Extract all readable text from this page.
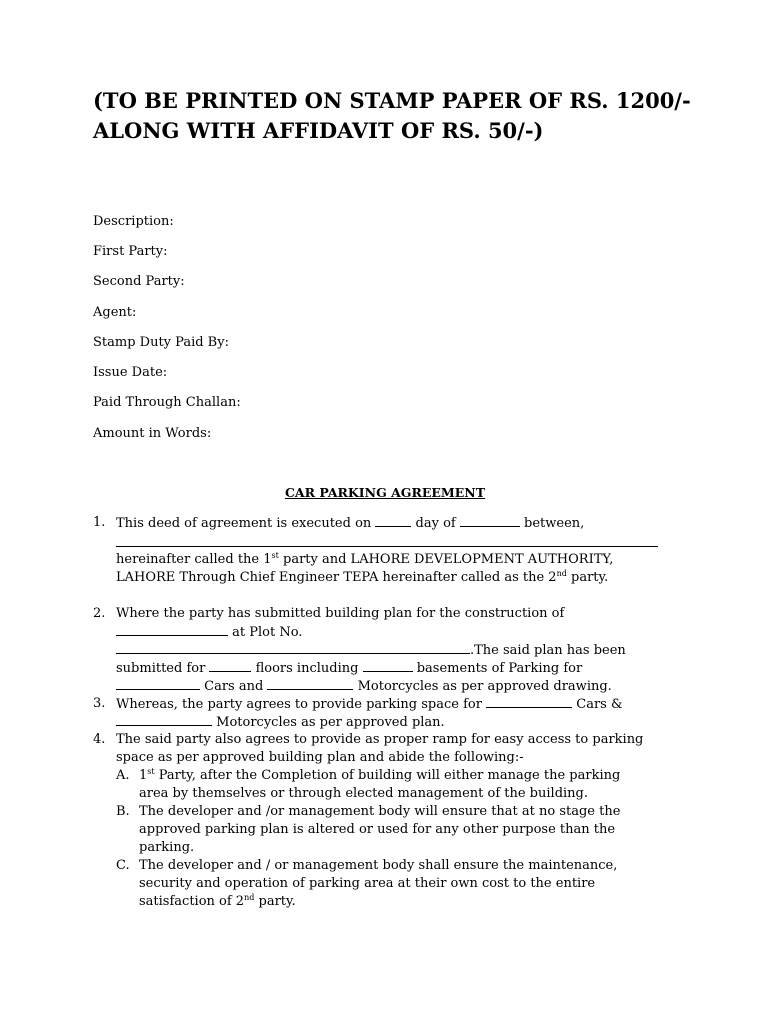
(TO BE PRINTED ON STAMP PAPER OF RS. 1200/-
ALONG WITH AFFIDAVIT OF RS. 50/-)
Description:
First Party:
Second Party:
Agent:
Stamp Duty Paid By:
Issue Date:
Paid Through Challan:
Amount in Words:
CAR PARKING AGREEMENT
1. This deed of agreement is executed on	day of	between,
hereinafter called the 1st party and LAHORE DEVELOPMENT AUTHORITY,
LAHORE Through Chief Engineer TEPA hereinafter called as the 2nd party.
2. Where the party has submitted building plan for the construction of
at Plot No.
.The said plan has been
submitted for	floors including	basements of Parking for
Cars and	Motorcycles as per approved drawing.
3. Whereas, the party agrees to provide parking space for	Cars &
Motorcycles as per approved plan.
4. The said party also agrees to provide as proper ramp for easy access to parking
space as per approved building plan and abide the following:-
A. 1st Party, after the Completion of building will either manage the parking
area by themselves or through elected management of the building.
B. The developer and /or management body will ensure that at no stage the
approved parking plan is altered or used for any other purpose than the
parking.
C. The developer and / or management body shall ensure the maintenance,
security and operation of parking area at their own cost to the entire
satisfaction of 2nd party.
